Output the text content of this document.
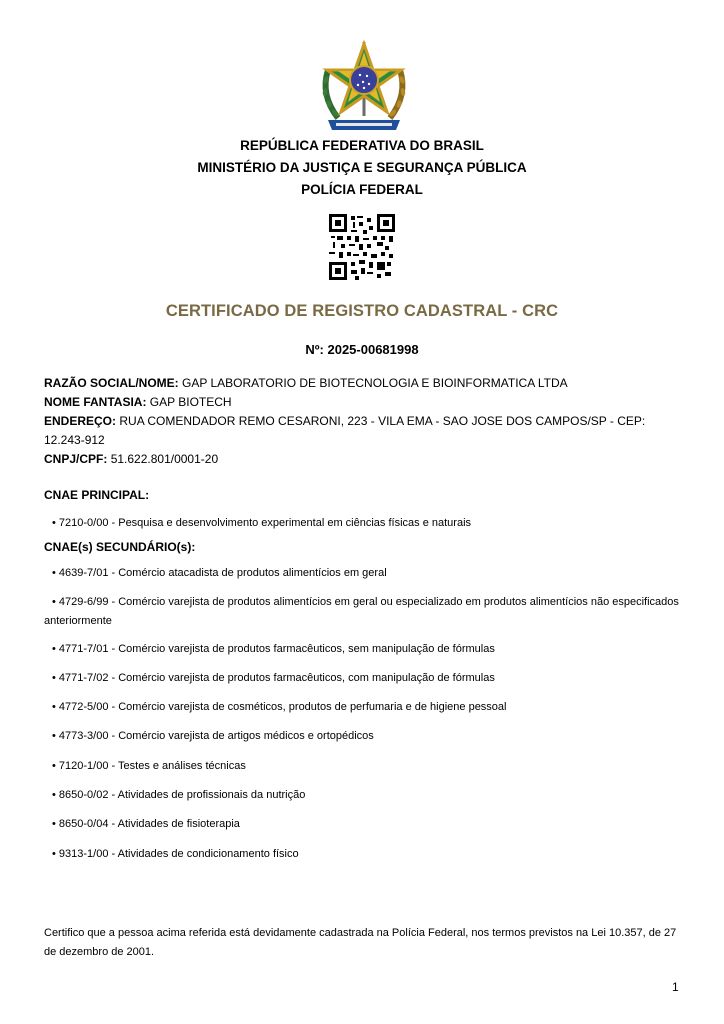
REPÚBLICA FEDERATIVA DO BRASIL
MINISTÉRIO DA JUSTIÇA E SEGURANÇA PÚBLICA
POLÍCIA FEDERAL
CERTIFICADO DE REGISTRO CADASTRAL - CRC
Nº: 2025-00681998
RAZÃO SOCIAL/NOME: GAP LABORATORIO DE BIOTECNOLOGIA E BIOINFORMATICA LTDA
NOME FANTASIA: GAP BIOTECH
ENDEREÇO: RUA COMENDADOR REMO CESARONI, 223 - VILA EMA - SAO JOSE DOS CAMPOS/SP - CEP: 12.243-912
CNPJ/CPF: 51.622.801/0001-20
CNAE PRINCIPAL:
• 7210-0/00 - Pesquisa e desenvolvimento experimental em ciências físicas e naturais
CNAE(s) SECUNDÁRIO(s):
• 4639-7/01 - Comércio atacadista de produtos alimentícios em geral
• 4729-6/99 - Comércio varejista de produtos alimentícios em geral ou especializado em produtos alimentícios não especificados anteriormente
• 4771-7/01 - Comércio varejista de produtos farmacêuticos, sem manipulação de fórmulas
• 4771-7/02 - Comércio varejista de produtos farmacêuticos, com manipulação de fórmulas
• 4772-5/00 - Comércio varejista de cosméticos, produtos de perfumaria e de higiene pessoal
• 4773-3/00 - Comércio varejista de artigos médicos e ortopédicos
• 7120-1/00 - Testes e análises técnicas
• 8650-0/02 - Atividades de profissionais da nutrição
• 8650-0/04 - Atividades de fisioterapia
• 9313-1/00 - Atividades de condicionamento físico
Certifico que a pessoa acima referida está devidamente cadastrada na Polícia Federal, nos termos previstos na Lei 10.357, de 27 de dezembro de 2001.
1
